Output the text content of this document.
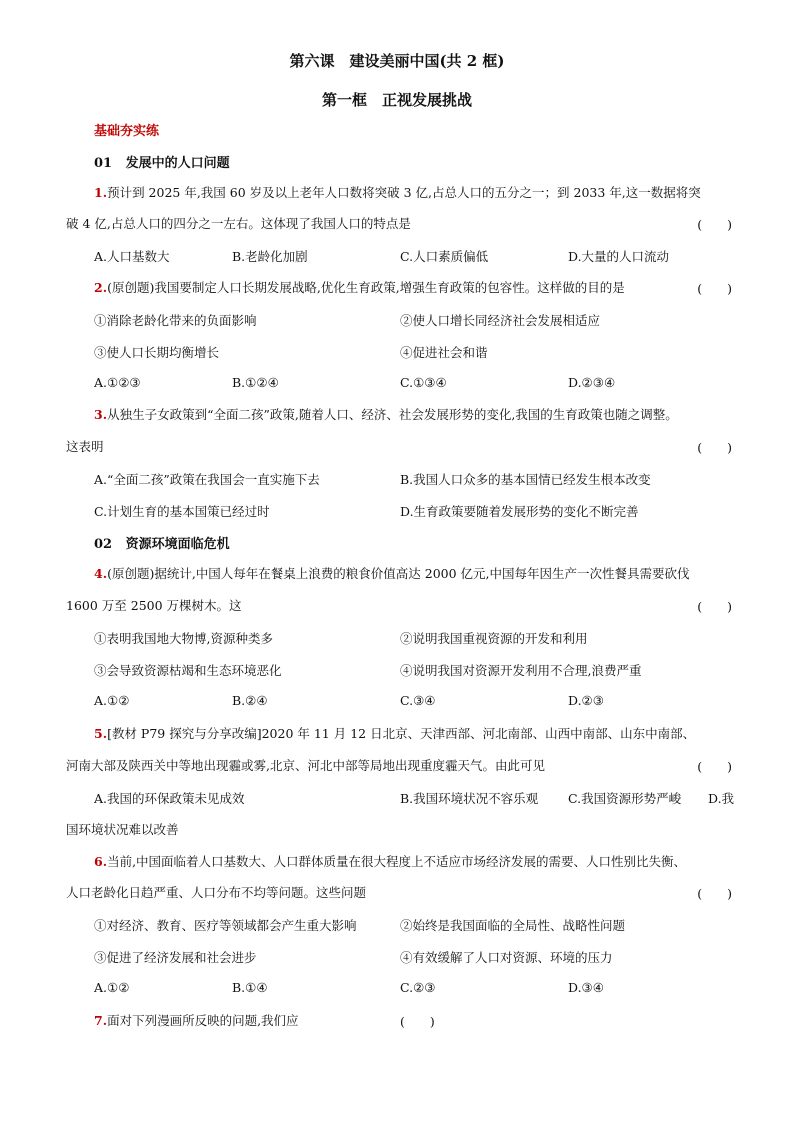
第六课　建设美丽中国(共 2 框)
第一框　正视发展挑战
基础夯实练
01 发展中的人口问题
1.预计到 2025 年,我国 60 岁及以上老年人口数将突破 3 亿,占总人口的五分之一；到 2033 年,这一数据将突
破 4 亿,占总人口的四分之一左右。这体现了我国人口的特点是	(　　)
A.人口基数大	B.老龄化加剧	C.人口素质偏低	D.大量的人口流动
2.(原创题)我国要制定人口长期发展战略,优化生育政策,增强生育政策的包容性。这样做的目的是	(　　)
①消除老龄化带来的负面影响	②使人口增长同经济社会发展相适应
③使人口长期均衡增长	④促进社会和谐
A.①②③	B.①②④	C.①③④	D.②③④
3.从独生子女政策到“全面二孩”政策,随着人口、经济、社会发展形势的变化,我国的生育政策也随之调整。
这表明	(　　)
A.“全面二孩”政策在我国会一直实施下去	B.我国人口众多的基本国情已经发生根本改变
C.计划生育的基本国策已经过时	D.生育政策要随着发展形势的变化不断完善
02 资源环境面临危机
4.(原创题)据统计,中国人每年在餐桌上浪费的粮食价值高达 2000 亿元,中国每年因生产一次性餐具需要砍伐
1600 万至 2500 万棵树木。这	(　　)
①表明我国地大物博,资源种类多	②说明我国重视资源的开发和利用
③会导致资源枯竭和生态环境恶化	④说明我国对资源开发利用不合理,浪费严重
A.①②	B.②④	C.③④	D.②③
5.[教材 P79 探究与分享改编]2020 年 11 月 12 日北京、天津西部、河北南部、山西中南部、山东中南部、
河南大部及陕西关中等地出现霾或雾,北京、河北中部等局地出现重度霾天气。由此可见	(　　)
A.我国的环保政策未见成效	B.我国环境状况不容乐观 C.我国资源形势严峻 D.我
国环境状况难以改善
6.当前,中国面临着人口基数大、人口群体质量在很大程度上不适应市场经济发展的需要、人口性别比失衡、
人口老龄化日趋严重、人口分布不均等问题。这些问题	(　　)
①对经济、教育、医疗等领域都会产生重大影响	②始终是我国面临的全局性、战略性问题
③促进了经济发展和社会进步	④有效缓解了人口对资源、环境的压力
A.①②	B.①④	C.②③	D.③④
7.面对下列漫画所反映的问题,我们应	(　　)
